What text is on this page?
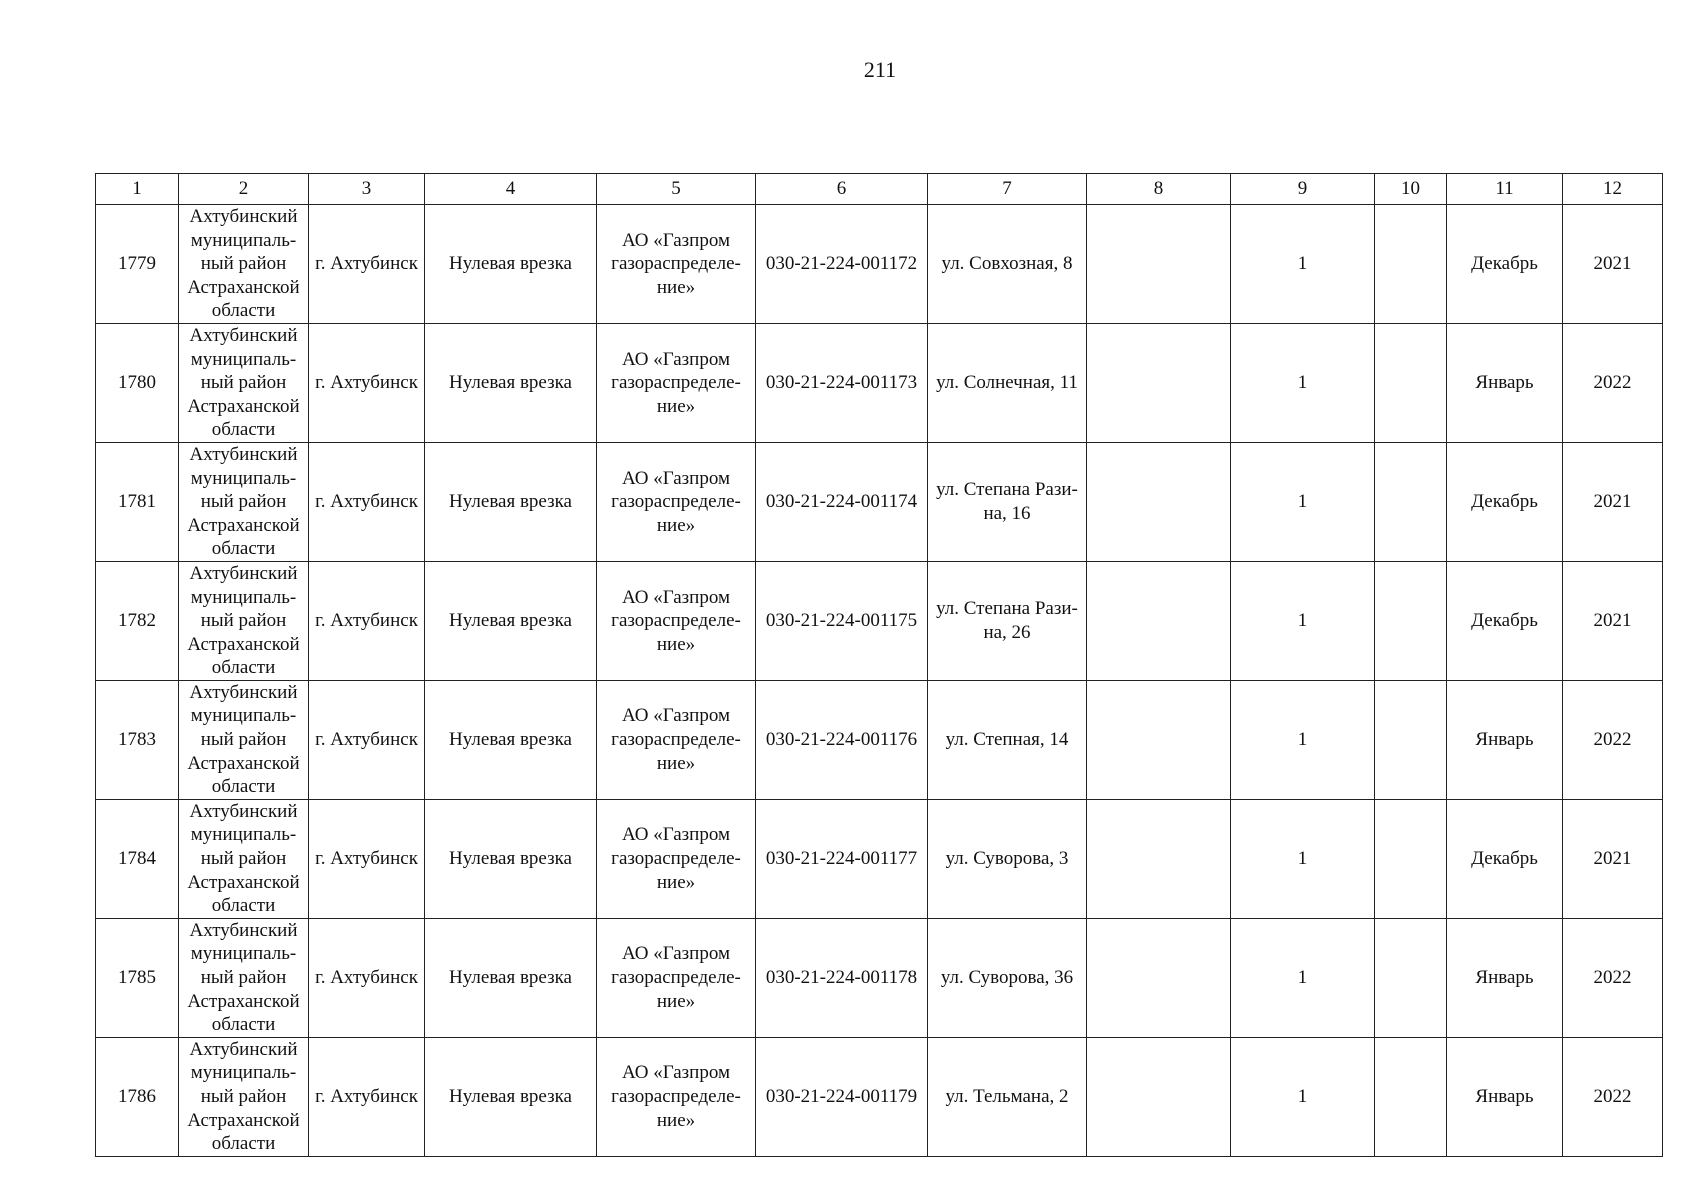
211
1	2	3	4	5	6	7	8	9	10	11	12
1779	Ахтубинский
муниципаль-
ный район
Астраханской
области	г. Ахтубинск	Нулевая врезка	АО «Газпром
газораспределе-
ние»	030-21-224-001172	ул. Совхозная, 8		1		Декабрь	2021
1780	Ахтубинский
муниципаль-
ный район
Астраханской
области	г. Ахтубинск	Нулевая врезка	АО «Газпром
газораспределе-
ние»	030-21-224-001173	ул. Солнечная, 11		1		Январь	2022
1781	Ахтубинский
муниципаль-
ный район
Астраханской
области	г. Ахтубинск	Нулевая врезка	АО «Газпром
газораспределе-
ние»	030-21-224-001174	ул. Степана Рази-
на, 16		1		Декабрь	2021
1782	Ахтубинский
муниципаль-
ный район
Астраханской
области	г. Ахтубинск	Нулевая врезка	АО «Газпром
газораспределе-
ние»	030-21-224-001175	ул. Степана Рази-
на, 26		1		Декабрь	2021
1783	Ахтубинский
муниципаль-
ный район
Астраханской
области	г. Ахтубинск	Нулевая врезка	АО «Газпром
газораспределе-
ние»	030-21-224-001176	ул. Степная, 14		1		Январь	2022
1784	Ахтубинский
муниципаль-
ный район
Астраханской
области	г. Ахтубинск	Нулевая врезка	АО «Газпром
газораспределе-
ние»	030-21-224-001177	ул. Суворова, 3		1		Декабрь	2021
1785	Ахтубинский
муниципаль-
ный район
Астраханской
области	г. Ахтубинск	Нулевая врезка	АО «Газпром
газораспределе-
ние»	030-21-224-001178	ул. Суворова, 36		1		Январь	2022
1786	Ахтубинский
муниципаль-
ный район
Астраханской
области	г. Ахтубинск	Нулевая врезка	АО «Газпром
газораспределе-
ние»	030-21-224-001179	ул. Тельмана, 2		1		Январь	2022
